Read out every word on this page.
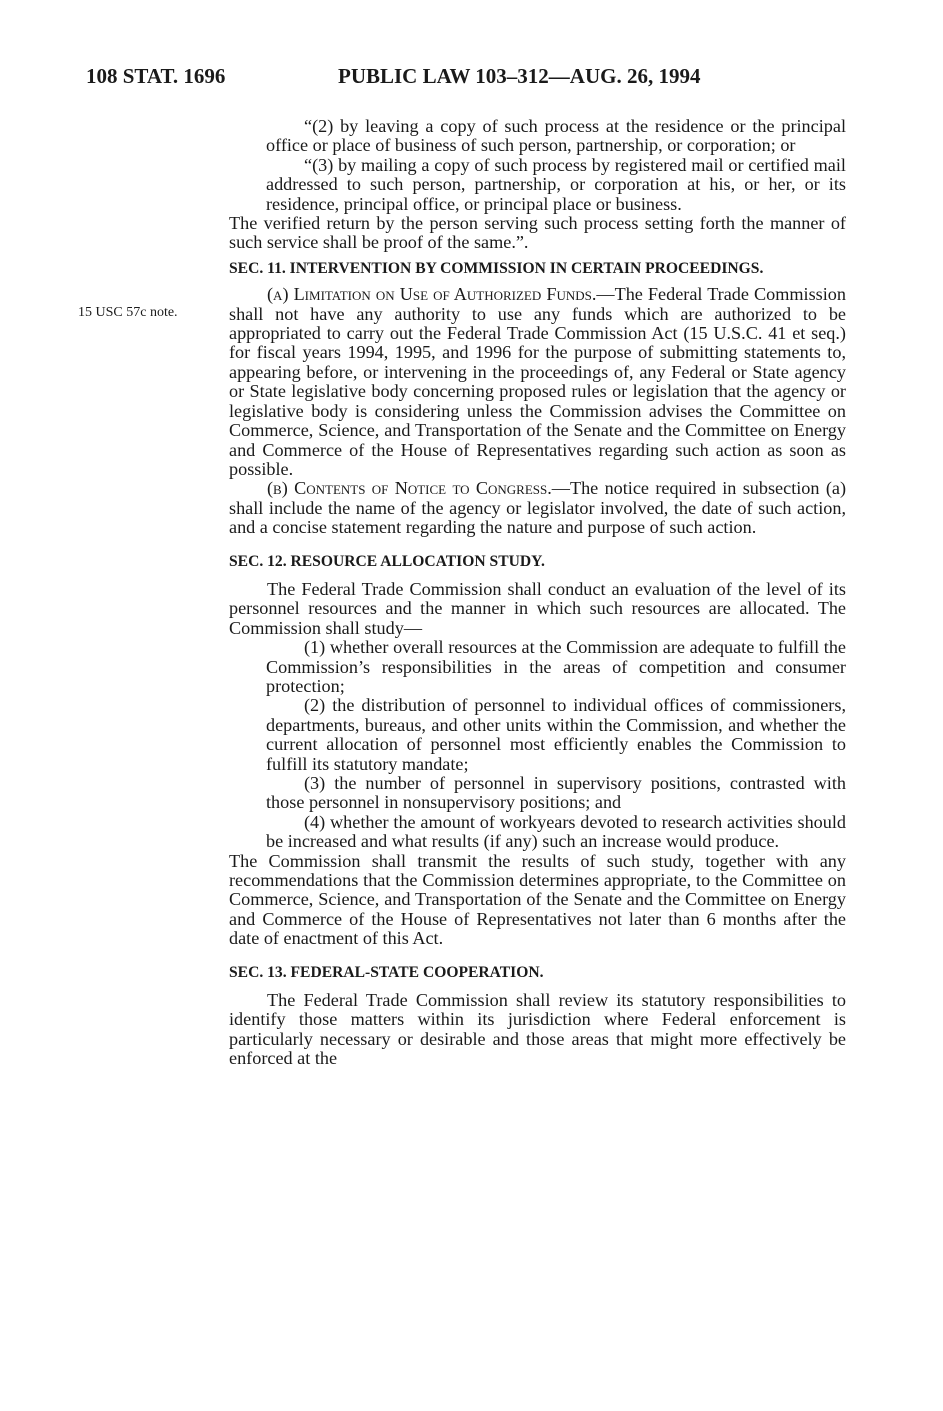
108 STAT. 1696	PUBLIC LAW 103–312—AUG. 26, 1994
15 USC 57c note.

“(2) by leaving a copy of such process at the residence or the principal office or place of business of such person, partnership, or corporation; or

“(3) by mailing a copy of such process by registered mail or certified mail addressed to such person, partnership, or corporation at his, or her, or its residence, principal office, or principal place or business.

The verified return by the person serving such process setting forth the manner of such service shall be proof of the same.”.

SEC. 11. INTERVENTION BY COMMISSION IN CERTAIN PROCEEDINGS.

(a) Limitation on Use of Authorized Funds.—The Federal Trade Commission shall not have any authority to use any funds which are authorized to be appropriated to carry out the Federal Trade Commission Act (15 U.S.C. 41 et seq.) for fiscal years 1994, 1995, and 1996 for the purpose of submitting statements to, appearing before, or intervening in the proceedings of, any Federal or State agency or State legislative body concerning proposed rules or legislation that the agency or legislative body is considering unless the Commission advises the Committee on Commerce, Science, and Transportation of the Senate and the Committee on Energy and Commerce of the House of Representatives regarding such action as soon as possible.

(b) Contents of Notice to Congress.—The notice required in subsection (a) shall include the name of the agency or legislator involved, the date of such action, and a concise statement regarding the nature and purpose of such action.

SEC. 12. RESOURCE ALLOCATION STUDY.

The Federal Trade Commission shall conduct an evaluation of the level of its personnel resources and the manner in which such resources are allocated. The Commission shall study—

(1) whether overall resources at the Commission are adequate to fulfill the Commission’s responsibilities in the areas of competition and consumer protection;

(2) the distribution of personnel to individual offices of commissioners, departments, bureaus, and other units within the Commission, and whether the current allocation of personnel most efficiently enables the Commission to fulfill its statutory mandate;

(3) the number of personnel in supervisory positions, contrasted with those personnel in nonsupervisory positions; and

(4) whether the amount of workyears devoted to research activities should be increased and what results (if any) such an increase would produce.

The Commission shall transmit the results of such study, together with any recommendations that the Commission determines appropriate, to the Committee on Commerce, Science, and Transportation of the Senate and the Committee on Energy and Commerce of the House of Representatives not later than 6 months after the date of enactment of this Act.

SEC. 13. FEDERAL-STATE COOPERATION.

The Federal Trade Commission shall review its statutory responsibilities to identify those matters within its jurisdiction where Federal enforcement is particularly necessary or desirable and those areas that might more effectively be enforced at the
